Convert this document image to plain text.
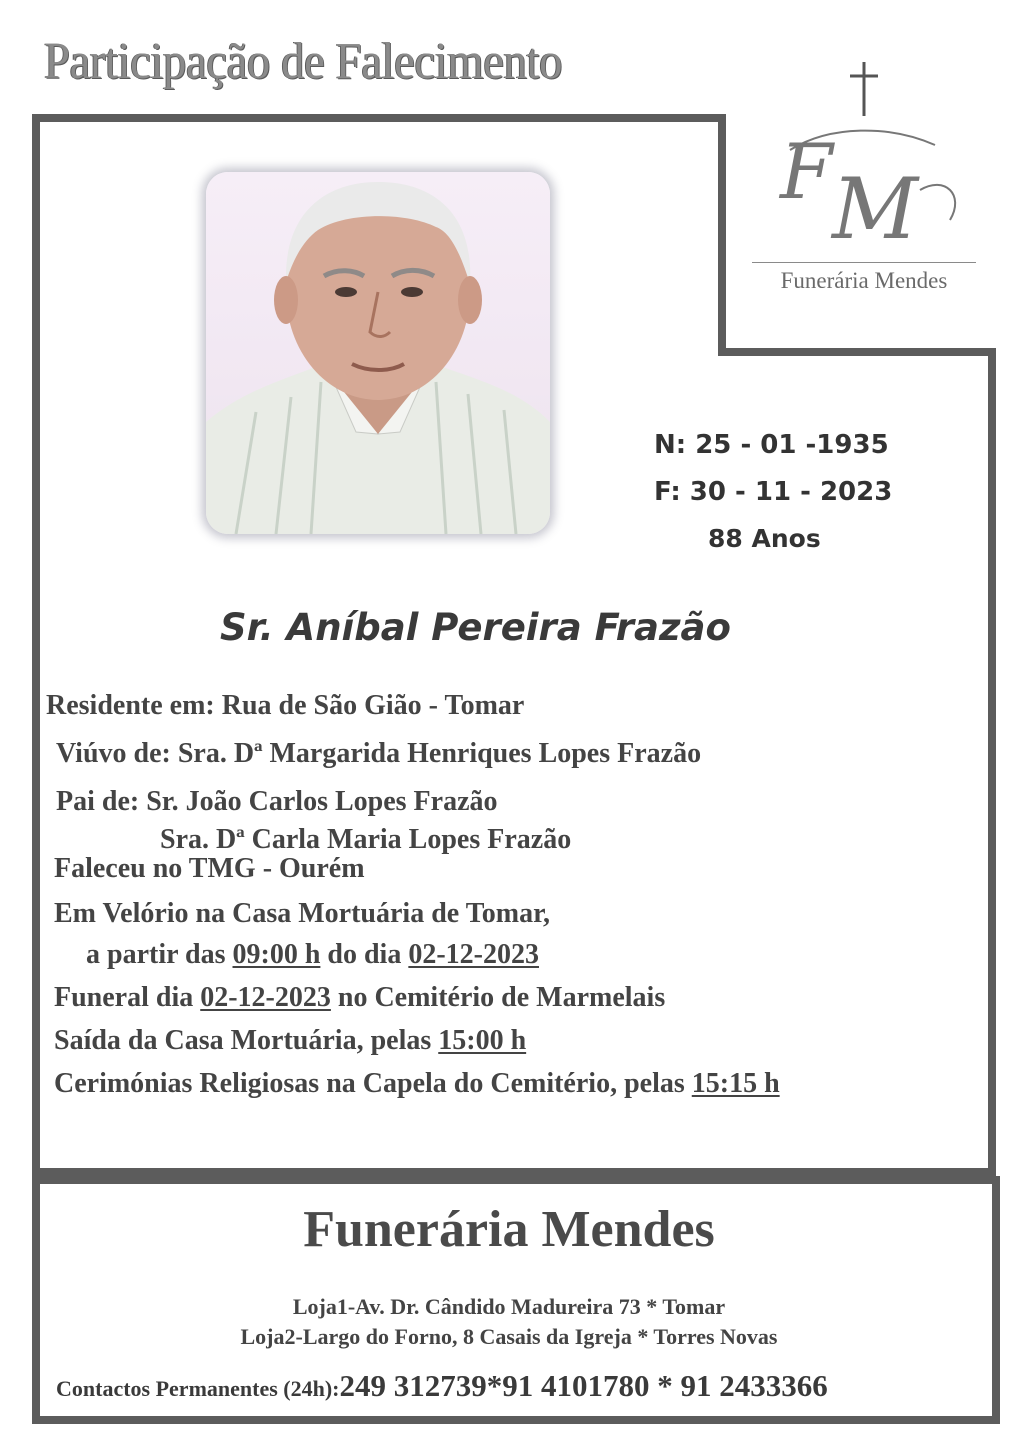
Participação de Falecimento
F M
Funerária Mendes
N: 25 - 01 -1935
F: 30 - 11 - 2023
88 Anos
Sr. Aníbal Pereira Frazão
Residente em: Rua de São Gião - Tomar
Viúvo de: Sra. Dª Margarida Henriques Lopes Frazão
Pai de: Sr. João Carlos Lopes Frazão
Sra. Dª Carla Maria Lopes Frazão
Faleceu no TMG - Ourém
Em Velório na Casa Mortuária de Tomar,
a partir das 09:00 h do dia 02-12-2023
Funeral dia 02-12-2023 no Cemitério de Marmelais
Saída da Casa Mortuária, pelas 15:00 h
Cerimónias Religiosas na Capela do Cemitério, pelas 15:15 h
Funerária Mendes
Loja1-Av. Dr. Cândido Madureira 73 * Tomar
Loja2-Largo do Forno, 8 Casais da Igreja * Torres Novas
Contactos Permanentes (24h):249 312739*91 4101780 * 91 2433366
